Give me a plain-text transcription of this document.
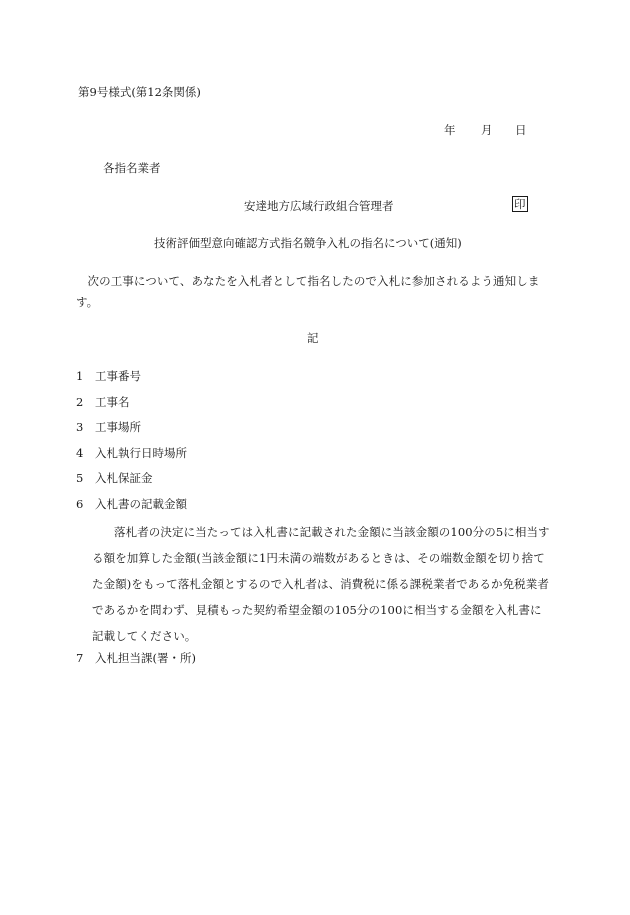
第9号様式(第12条関係)
年 月 日
各指名業者
安達地方広域行政組合管理者	印
技術評価型意向確認方式指名競争入札の指名について(通知)
次の工事について、あなたを入札者として指名したので入札に参加されるよう通知します。
記
1 工事番号
2 工事名
3 工事場所
4 入札執行日時場所
5 入札保証金
6 入札書の記載金額
落札者の決定に当たっては入札書に記載された金額に当該金額の100分の5に相当する額を加算した金額(当該金額に1円未満の端数があるときは、その端数金額を切り捨てた金額)をもって落札金額とするので入札者は、消費税に係る課税業者であるか免税業者であるかを問わず、見積もった契約希望金額の105分の100に相当する金額を入札書に記載してください。
7 入札担当課(署・所)
